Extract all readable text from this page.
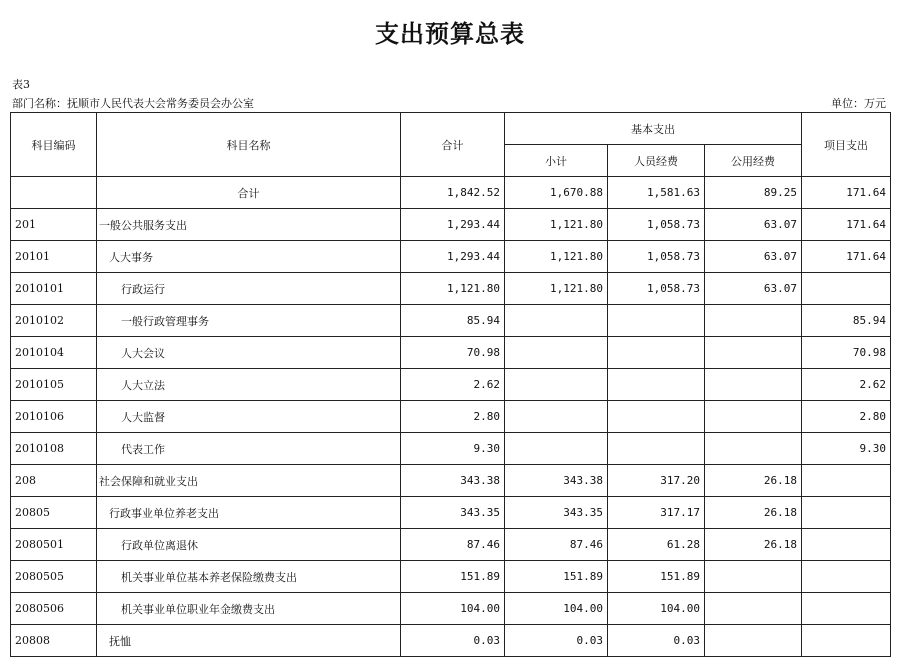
支出预算总表
表3
部门名称：抚顺市人民代表大会常务委员会办公室	单位：万元
科目编码	科目名称	合计	基本支出			项目支出
			小计	人员经费	公用经费	
	合计	1,842.52	1,670.88	1,581.63	89.25	171.64
201	一般公共服务支出	1,293.44	1,121.80	1,058.73	63.07	171.64
20101	人大事务	1,293.44	1,121.80	1,058.73	63.07	171.64
2010101	行政运行	1,121.80	1,121.80	1,058.73	63.07	
2010102	一般行政管理事务	85.94				85.94
2010104	人大会议	70.98				70.98
2010105	人大立法	2.62				2.62
2010106	人大监督	2.80				2.80
2010108	代表工作	9.30				9.30
208	社会保障和就业支出	343.38	343.38	317.20	26.18	
20805	行政事业单位养老支出	343.35	343.35	317.17	26.18	
2080501	行政单位离退休	87.46	87.46	61.28	26.18	
2080505	机关事业单位基本养老保险缴费支出	151.89	151.89	151.89		
2080506	机关事业单位职业年金缴费支出	104.00	104.00	104.00		
20808	抚恤	0.03	0.03	0.03		
